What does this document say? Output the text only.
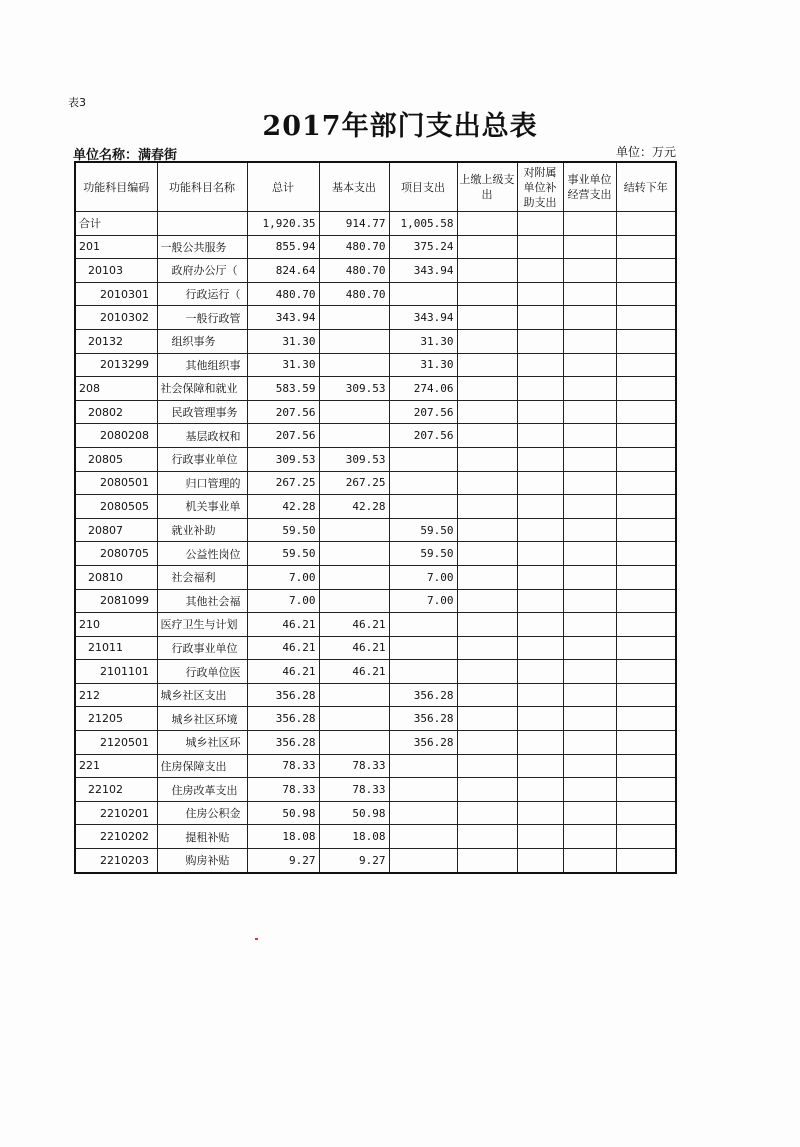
表3
2017年部门支出总表
单位名称：满春街	单位：万元
功能科目编码	功能科目名称	总计	基本支出	项目支出	上缴上级支出	对附属单位补助支出	事业单位经营支出	结转下年
合计		1,920.35	914.77	1,005.58				
201	一般公共服务	855.94	480.70	375.24				
20103	政府办公厅（	824.64	480.70	343.94				
2010301	行政运行（	480.70	480.70					
2010302	一般行政管	343.94		343.94				
20132	组织事务	31.30		31.30				
2013299	其他组织事	31.30		31.30				
208	社会保障和就业	583.59	309.53	274.06				
20802	民政管理事务	207.56		207.56				
2080208	基层政权和	207.56		207.56				
20805	行政事业单位	309.53	309.53					
2080501	归口管理的	267.25	267.25					
2080505	机关事业单	42.28	42.28					
20807	就业补助	59.50		59.50				
2080705	公益性岗位	59.50		59.50				
20810	社会福利	7.00		7.00				
2081099	其他社会福	7.00		7.00				
210	医疗卫生与计划	46.21	46.21					
21011	行政事业单位	46.21	46.21					
2101101	行政单位医	46.21	46.21					
212	城乡社区支出	356.28		356.28				
21205	城乡社区环境	356.28		356.28				
2120501	城乡社区环	356.28		356.28				
221	住房保障支出	78.33	78.33					
22102	住房改革支出	78.33	78.33					
2210201	住房公积金	50.98	50.98					
2210202	提租补贴	18.08	18.08					
2210203	购房补贴	9.27	9.27					
